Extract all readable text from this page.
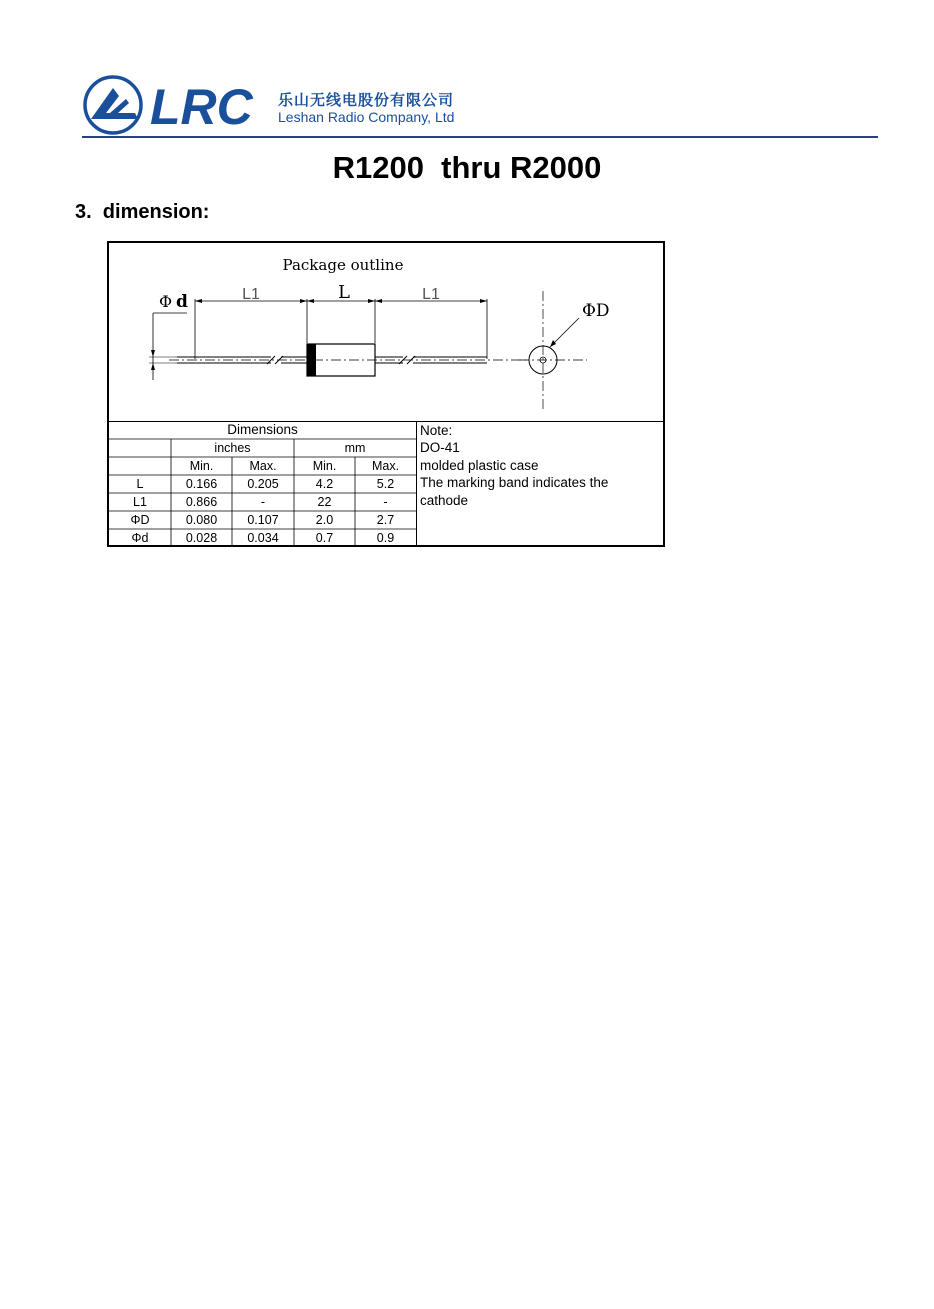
LRC 乐山无线电股份有限公司
Leshan Radio Company, Ltd
R1200  thru R2000
3.  dimension:
Package outline
Φ d	L1	L	L1
ΦD
Dimensions
inches	mm
Min.	Max.	Min.	Max.
L	0.166	0.205	4.2	5.2
L1	0.866	-	22	-
ΦD	0.080	0.107	2.0	2.7
Φd	0.028	0.034	0.7	0.9
Note:
DO-41
molded plastic case
The marking band indicates the
cathode
